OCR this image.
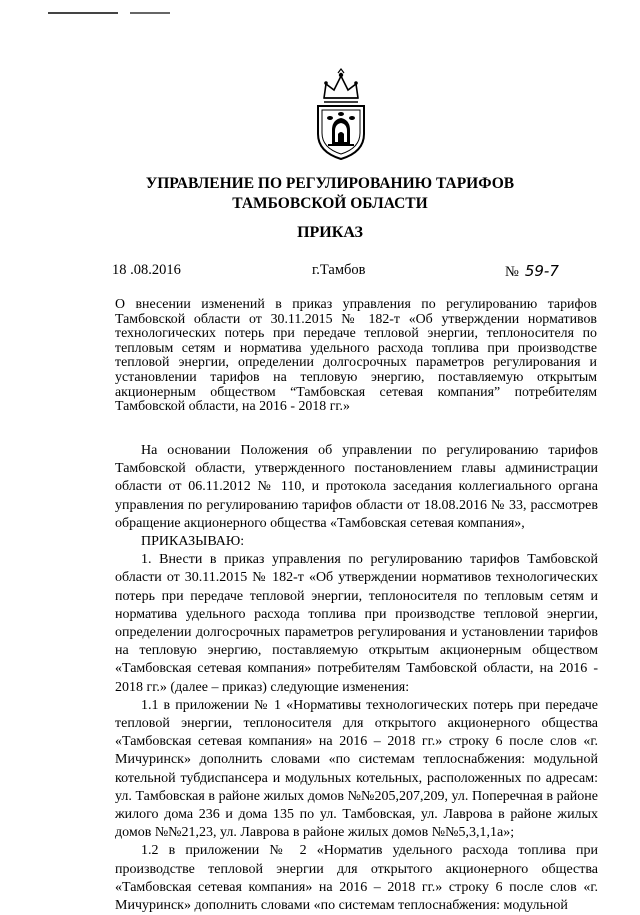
УПРАВЛЕНИЕ ПО РЕГУЛИРОВАНИЮ ТАРИФОВ
ТАМБОВСКОЙ ОБЛАСТИ
ПРИКАЗ
18 .08.2016	г.Тамбов	№ 59-7

О внесении изменений в приказ управления по регулированию тарифов Тамбовской области от 30.11.2015 № 182-т «Об утверждении нормативов технологических потерь при передаче тепловой энергии, теплоносителя по тепловым сетям и норматива удельного расхода топлива при производстве тепловой энергии, определении долгосрочных параметров регулирования и установлении тарифов на тепловую энергию, поставляемую открытым акционерным обществом “Тамбовская сетевая компания” потребителям Тамбовской области, на 2016 - 2018 гг.»

На основании Положения об управлении по регулированию тарифов Тамбовской области, утвержденного постановлением главы администрации области от 06.11.2012 № 110, и протокола заседания коллегиального органа управления по регулированию тарифов области от 18.08.2016 № 33, рассмотрев обращение акционерного общества «Тамбовская сетевая компания»,

ПРИКАЗЫВАЮ:

1. Внести в приказ управления по регулированию тарифов Тамбовской области от 30.11.2015 № 182-т «Об утверждении нормативов технологических потерь при передаче тепловой энергии, теплоносителя по тепловым сетям и норматива удельного расхода топлива при производстве тепловой энергии, определении долгосрочных параметров регулирования и установлении тарифов на тепловую энергию, поставляемую открытым акционерным обществом «Тамбовская сетевая компания» потребителям Тамбовской области, на 2016 - 2018 гг.» (далее – приказ) следующие изменения:

1.1 в приложении № 1 «Нормативы технологических потерь при передаче тепловой энергии, теплоносителя для открытого акционерного общества «Тамбовская сетевая компания» на 2016 – 2018 гг.» строку 6 после слов «г. Мичуринск» дополнить словами «по системам теплоснабжения: модульной котельной тубдиспансера и модульных котельных, расположенных по адресам: ул. Тамбовская в районе жилых домов №№205,207,209, ул. Поперечная в районе жилого дома 236 и дома 135 по ул. Тамбовская, ул. Лаврова в районе жилых домов №№21,23, ул. Лаврова в районе жилых домов №№5,3,1,1а»;

1.2 в приложении № 2 «Норматив удельного расхода топлива при производстве тепловой энергии для открытого акционерного общества «Тамбовская сетевая компания» на 2016 – 2018 гг.» строку 6 после слов «г. Мичуринск» дополнить словами «по системам теплоснабжения: модульной
